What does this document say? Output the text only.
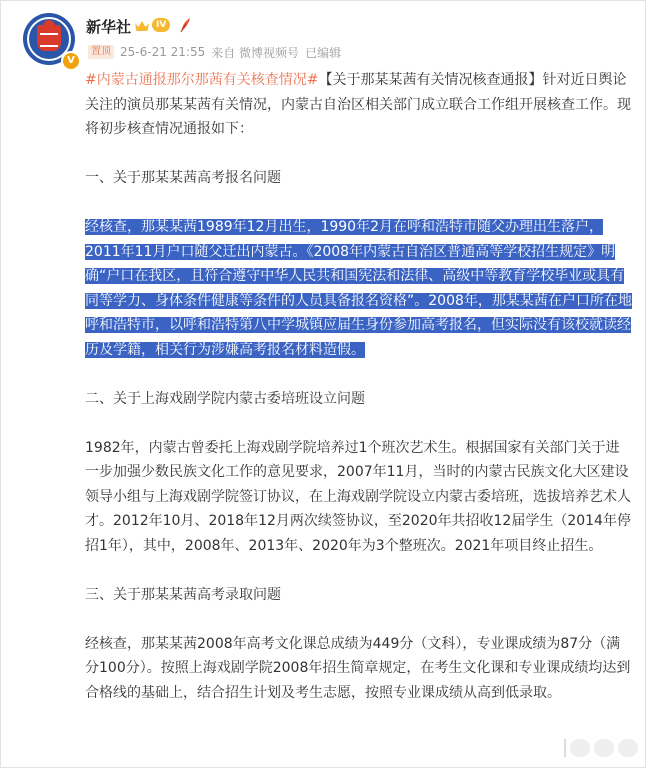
V
新华社	IV
置顶 25-6-21 21:55 来自 微博视频号 已编辑

#内蒙古通报那尔那茜有关核查情况#【关于那某某茜有关情况核查通报】针对近日舆论关注的演员那某某茜有关情况，内蒙古自治区相关部门成立联合工作组开展核查工作。现将初步核查情况通报如下：

一、关于那某某茜高考报名问题

经核查，那某某茜1989年12月出生，1990年2月在呼和浩特市随父办理出生落户，2011年11月户口随父迁出内蒙古。《2008年内蒙古自治区普通高等学校招生规定》明确“户口在我区，且符合遵守中华人民共和国宪法和法律、高级中等教育学校毕业或具有同等学力、身体条件健康等条件的人员具备报名资格”。2008年，那某某茜在户口所在地呼和浩特市，以呼和浩特第八中学城镇应届生身份参加高考报名，但实际没有该校就读经历及学籍，相关行为涉嫌高考报名材料造假。

二、关于上海戏剧学院内蒙古委培班设立问题

1982年，内蒙古曾委托上海戏剧学院培养过1个班次艺术生。根据国家有关部门关于进一步加强少数民族文化工作的意见要求，2007年11月，当时的内蒙古民族文化大区建设领导小组与上海戏剧学院签订协议，在上海戏剧学院设立内蒙古委培班，选拔培养艺术人才。2012年10月、2018年12月两次续签协议，至2020年共招收12届学生（2014年停招1年），其中，2008年、2013年、2020年为3个整班次。2021年项目终止招生。

三、关于那某某茜高考录取问题

经核查，那某某茜2008年高考文化课总成绩为449分（文科），专业课成绩为87分（满分100分）。按照上海戏剧学院2008年招生简章规定，在考生文化课和专业课成绩均达到合格线的基础上，结合招生计划及考生志愿，按照专业课成绩从高到低录取。
